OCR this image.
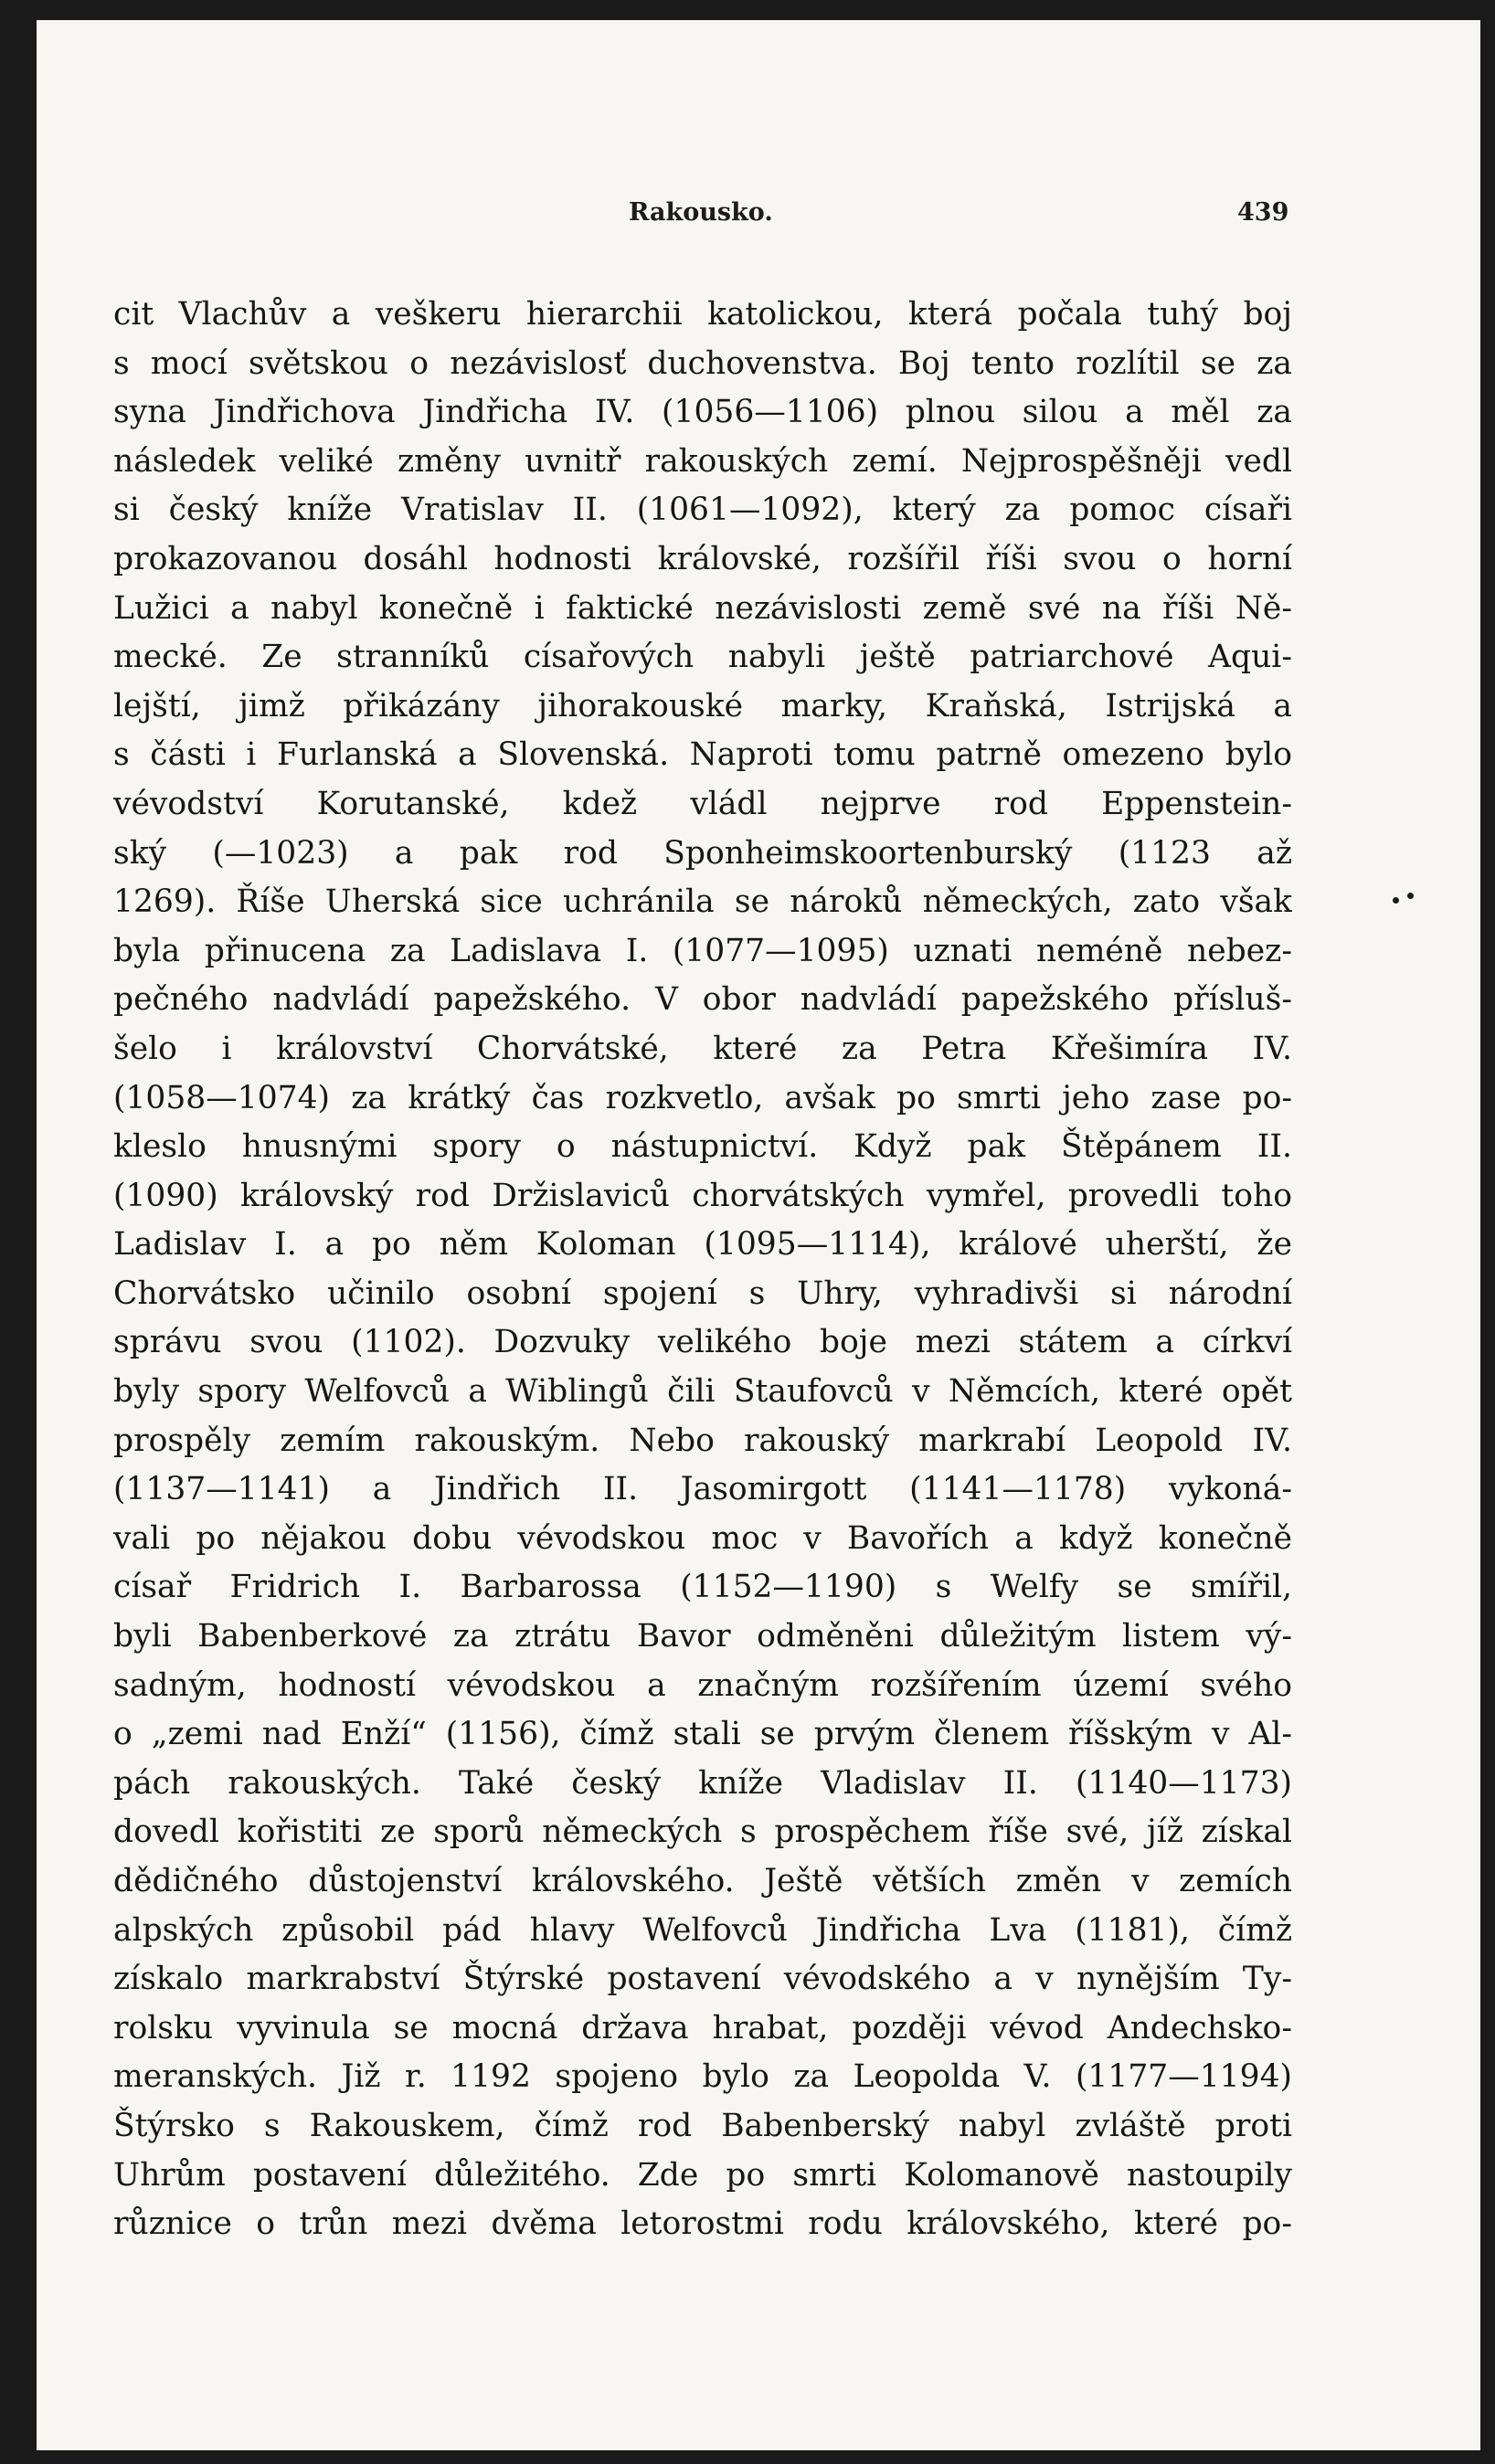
Rakousko.	439
cit Vlachův a veškeru hierarchii katolickou, která počala tuhý boj
s mocí světskou o nezávislosť duchovenstva. Boj tento rozlítil se za
syna Jindřichova Jindřicha IV. (1056—1106) plnou silou a měl za
následek veliké změny uvnitř rakouských zemí. Nejprospěšněji vedl
si český kníže Vratislav II. (1061—1092), který za pomoc císaři
prokazovanou dosáhl hodnosti královské, rozšířil říši svou o horní
Lužici a nabyl konečně i faktické nezávislosti země své na říši Ně-
mecké. Ze stranníků císařových nabyli ještě patriarchové Aqui-
lejští, jimž přikázány jihorakouské marky, Kraňská, Istrijská a
s části i Furlanská a Slovenská. Naproti tomu patrně omezeno bylo
vévodství Korutanské, kdež vládl nejprve rod Eppenstein-
ský (—1023) a pak rod Sponheimskoortenburský (1123 až
1269). Říše Uherská sice uchránila se nároků německých, zato však
byla přinucena za Ladislava I. (1077—1095) uznati neméně nebez-
pečného nadvládí papežského. V obor nadvládí papežského přísluš-
šelo i království Chorvátské, které za Petra Křešimíra IV.
(1058—1074) za krátký čas rozkvetlo, avšak po smrti jeho zase po-
kleslo hnusnými spory o nástupnictví. Když pak Štěpánem II.
(1090) královský rod Držislaviců chorvátských vymřel, provedli toho
Ladislav I. a po něm Koloman (1095—1114), králové uherští, že
Chorvátsko učinilo osobní spojení s Uhry, vyhradivši si národní
správu svou (1102). Dozvuky velikého boje mezi státem a církví
byly spory Welfovců a Wiblingů čili Staufovců v Němcích, které opět
prospěly zemím rakouským. Nebo rakouský markrabí Leopold IV.
(1137—1141) a Jindřich II. Jasomirgott (1141—1178) vykoná-
vali po nějakou dobu vévodskou moc v Bavořích a když konečně
císař Fridrich I. Barbarossa (1152—1190) s Welfy se smířil,
byli Babenberkové za ztrátu Bavor odměněni důležitým listem vý-
sadným, hodností vévodskou a značným rozšířením území svého
o „zemi nad Enží“ (1156), čímž stali se prvým členem říšským v Al-
pách rakouských. Také český kníže Vladislav II. (1140—1173)
dovedl kořistiti ze sporů německých s prospěchem říše své, jíž získal
dědičného důstojenství královského. Ještě větších změn v zemích
alpských způsobil pád hlavy Welfovců Jindřicha Lva (1181), čímž
získalo markrabství Štýrské postavení vévodského a v nynějším Ty-
rolsku vyvinula se mocná država hrabat, později vévod Andechsko-
meranských. Již r. 1192 spojeno bylo za Leopolda V. (1177—1194)
Štýrsko s Rakouskem, čímž rod Babenberský nabyl zvláště proti
Uhrům postavení důležitého. Zde po smrti Kolomanově nastoupily
různice o trůn mezi dvěma letorostmi rodu královského, které po-
